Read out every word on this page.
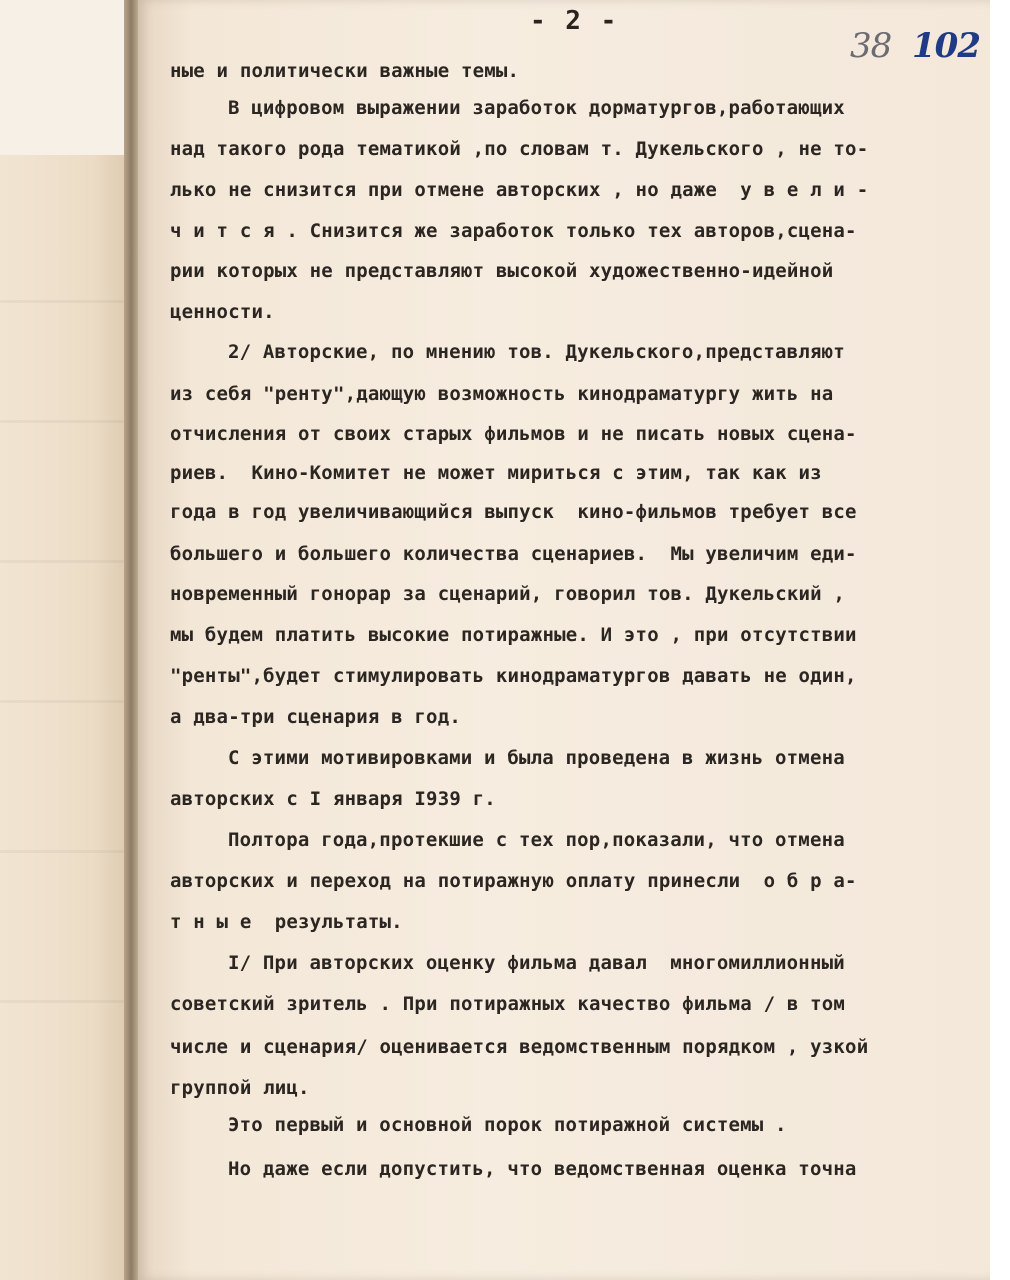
- 2 -
38 102
ные и политически важные темы.
В цифровом выражении заработок дорматургов,работающих
над такого рода тематикой ,по словам т. Дукельского , не то-
лько не снизится при отмене авторских , но даже  у в е л и -
ч и т с я . Снизится же заработок только тех авторов,сцена-
рии которых не представляют высокой художественно-идейной
ценности.
2/ Авторские, по мнению тов. Дукельского,представляют
из себя "ренту",дающую возможность кинодраматургу жить на
отчисления от своих старых фильмов и не писать новых сцена-
риев.  Кино-Комитет не может мириться с этим, так как из
года в год увеличивающийся выпуск  кино-фильмов требует все
большего и большего количества сценариев.  Мы увеличим еди-
новременный гонорар за сценарий, говорил тов. Дукельский ,
мы будем платить высокие потиражные. И это , при отсутствии
"ренты",будет стимулировать кинодраматургов давать не один,
а два-три сценария в год.
С этими мотивировками и была проведена в жизнь отмена
авторских с I января I939 г.
Полтора года,протекшие с тех пор,показали, что отмена
авторских и переход на потиражную оплату принесли  о б р а-
т н ы е  результаты.
I/ При авторских оценку фильма давал  многомиллионный
советский зритель . При потиражных качество фильма / в том
числе и сценария/ оценивается ведомственным порядком , узкой
группой лиц.
Это первый и основной порок потиражной системы .
Но даже если допустить, что ведомственная оценка точна
